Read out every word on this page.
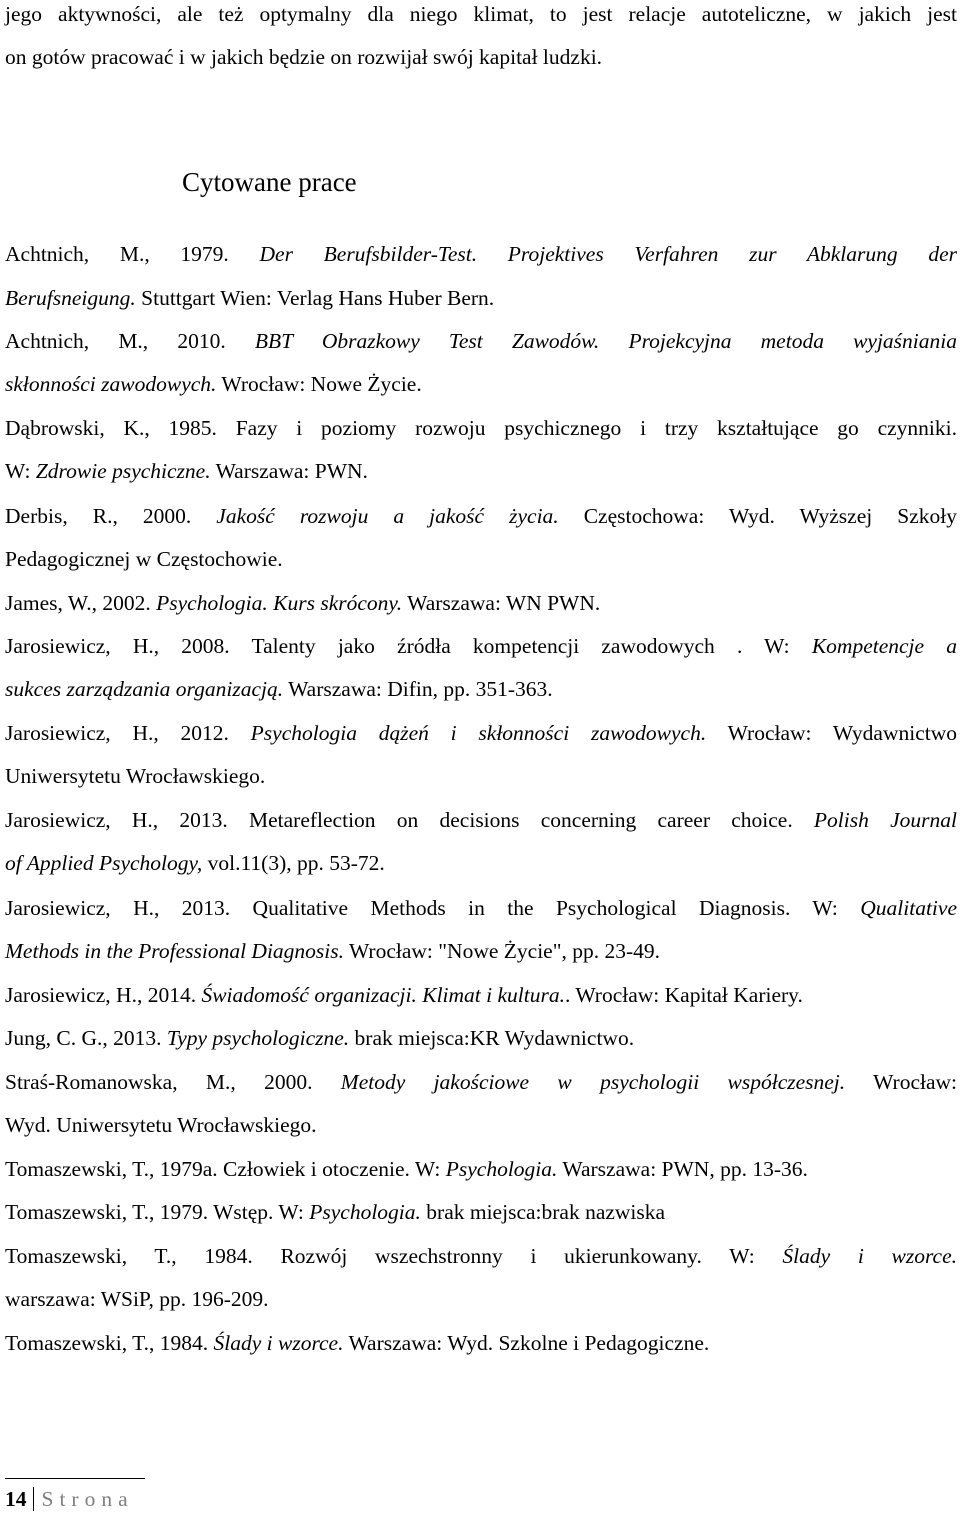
jego aktywności, ale też optymalny dla niego klimat, to jest relacje autoteliczne, w jakich jest
on gotów pracować i w jakich będzie on rozwijał swój kapitał ludzki.
Cytowane prace
Achtnich, M., 1979. Der Berufsbilder-Test. Projektives Verfahren zur Abklarung der
Berufsneigung. Stuttgart Wien: Verlag Hans Huber Bern.
Achtnich, M., 2010. BBT Obrazkowy Test Zawodów. Projekcyjna metoda wyjaśniania
skłonności zawodowych. Wrocław: Nowe Życie.
Dąbrowski, K., 1985. Fazy i poziomy rozwoju psychicznego i trzy kształtujące go czynniki.
W: Zdrowie psychiczne. Warszawa: PWN.
Derbis, R., 2000. Jakość rozwoju a jakość życia. Częstochowa: Wyd. Wyższej Szkoły
Pedagogicznej w Częstochowie.
James, W., 2002. Psychologia. Kurs skrócony. Warszawa: WN PWN.
Jarosiewicz, H., 2008. Talenty jako źródła kompetencji zawodowych . W: Kompetencje a
sukces zarządzania organizacją. Warszawa: Difin, pp. 351-363.
Jarosiewicz, H., 2012. Psychologia dążeń i skłonności zawodowych. Wrocław: Wydawnictwo
Uniwersytetu Wrocławskiego.
Jarosiewicz, H., 2013. Metareflection on decisions concerning career choice. Polish Journal
of Applied Psychology, vol.11(3), pp. 53-72.
Jarosiewicz, H., 2013. Qualitative Methods in the Psychological Diagnosis. W: Qualitative
Methods in the Professional Diagnosis. Wrocław: "Nowe Życie", pp. 23-49.
Jarosiewicz, H., 2014. Świadomość organizacji. Klimat i kultura.. Wrocław: Kapitał Kariery.
Jung, C. G., 2013. Typy psychologiczne. brak miejsca:KR Wydawnictwo.
Straś-Romanowska, M., 2000. Metody jakościowe w psychologii współczesnej. Wrocław:
Wyd. Uniwersytetu Wrocławskiego.
Tomaszewski, T., 1979a. Człowiek i otoczenie. W: Psychologia. Warszawa: PWN, pp. 13-36.
Tomaszewski, T., 1979. Wstęp. W: Psychologia. brak miejsca:brak nazwiska
Tomaszewski, T., 1984. Rozwój wszechstronny i ukierunkowany. W: Ślady i wzorce.
warszawa: WSiP, pp. 196-209.
Tomaszewski, T., 1984. Ślady i wzorce. Warszawa: Wyd. Szkolne i Pedagogiczne.
14 Strona
